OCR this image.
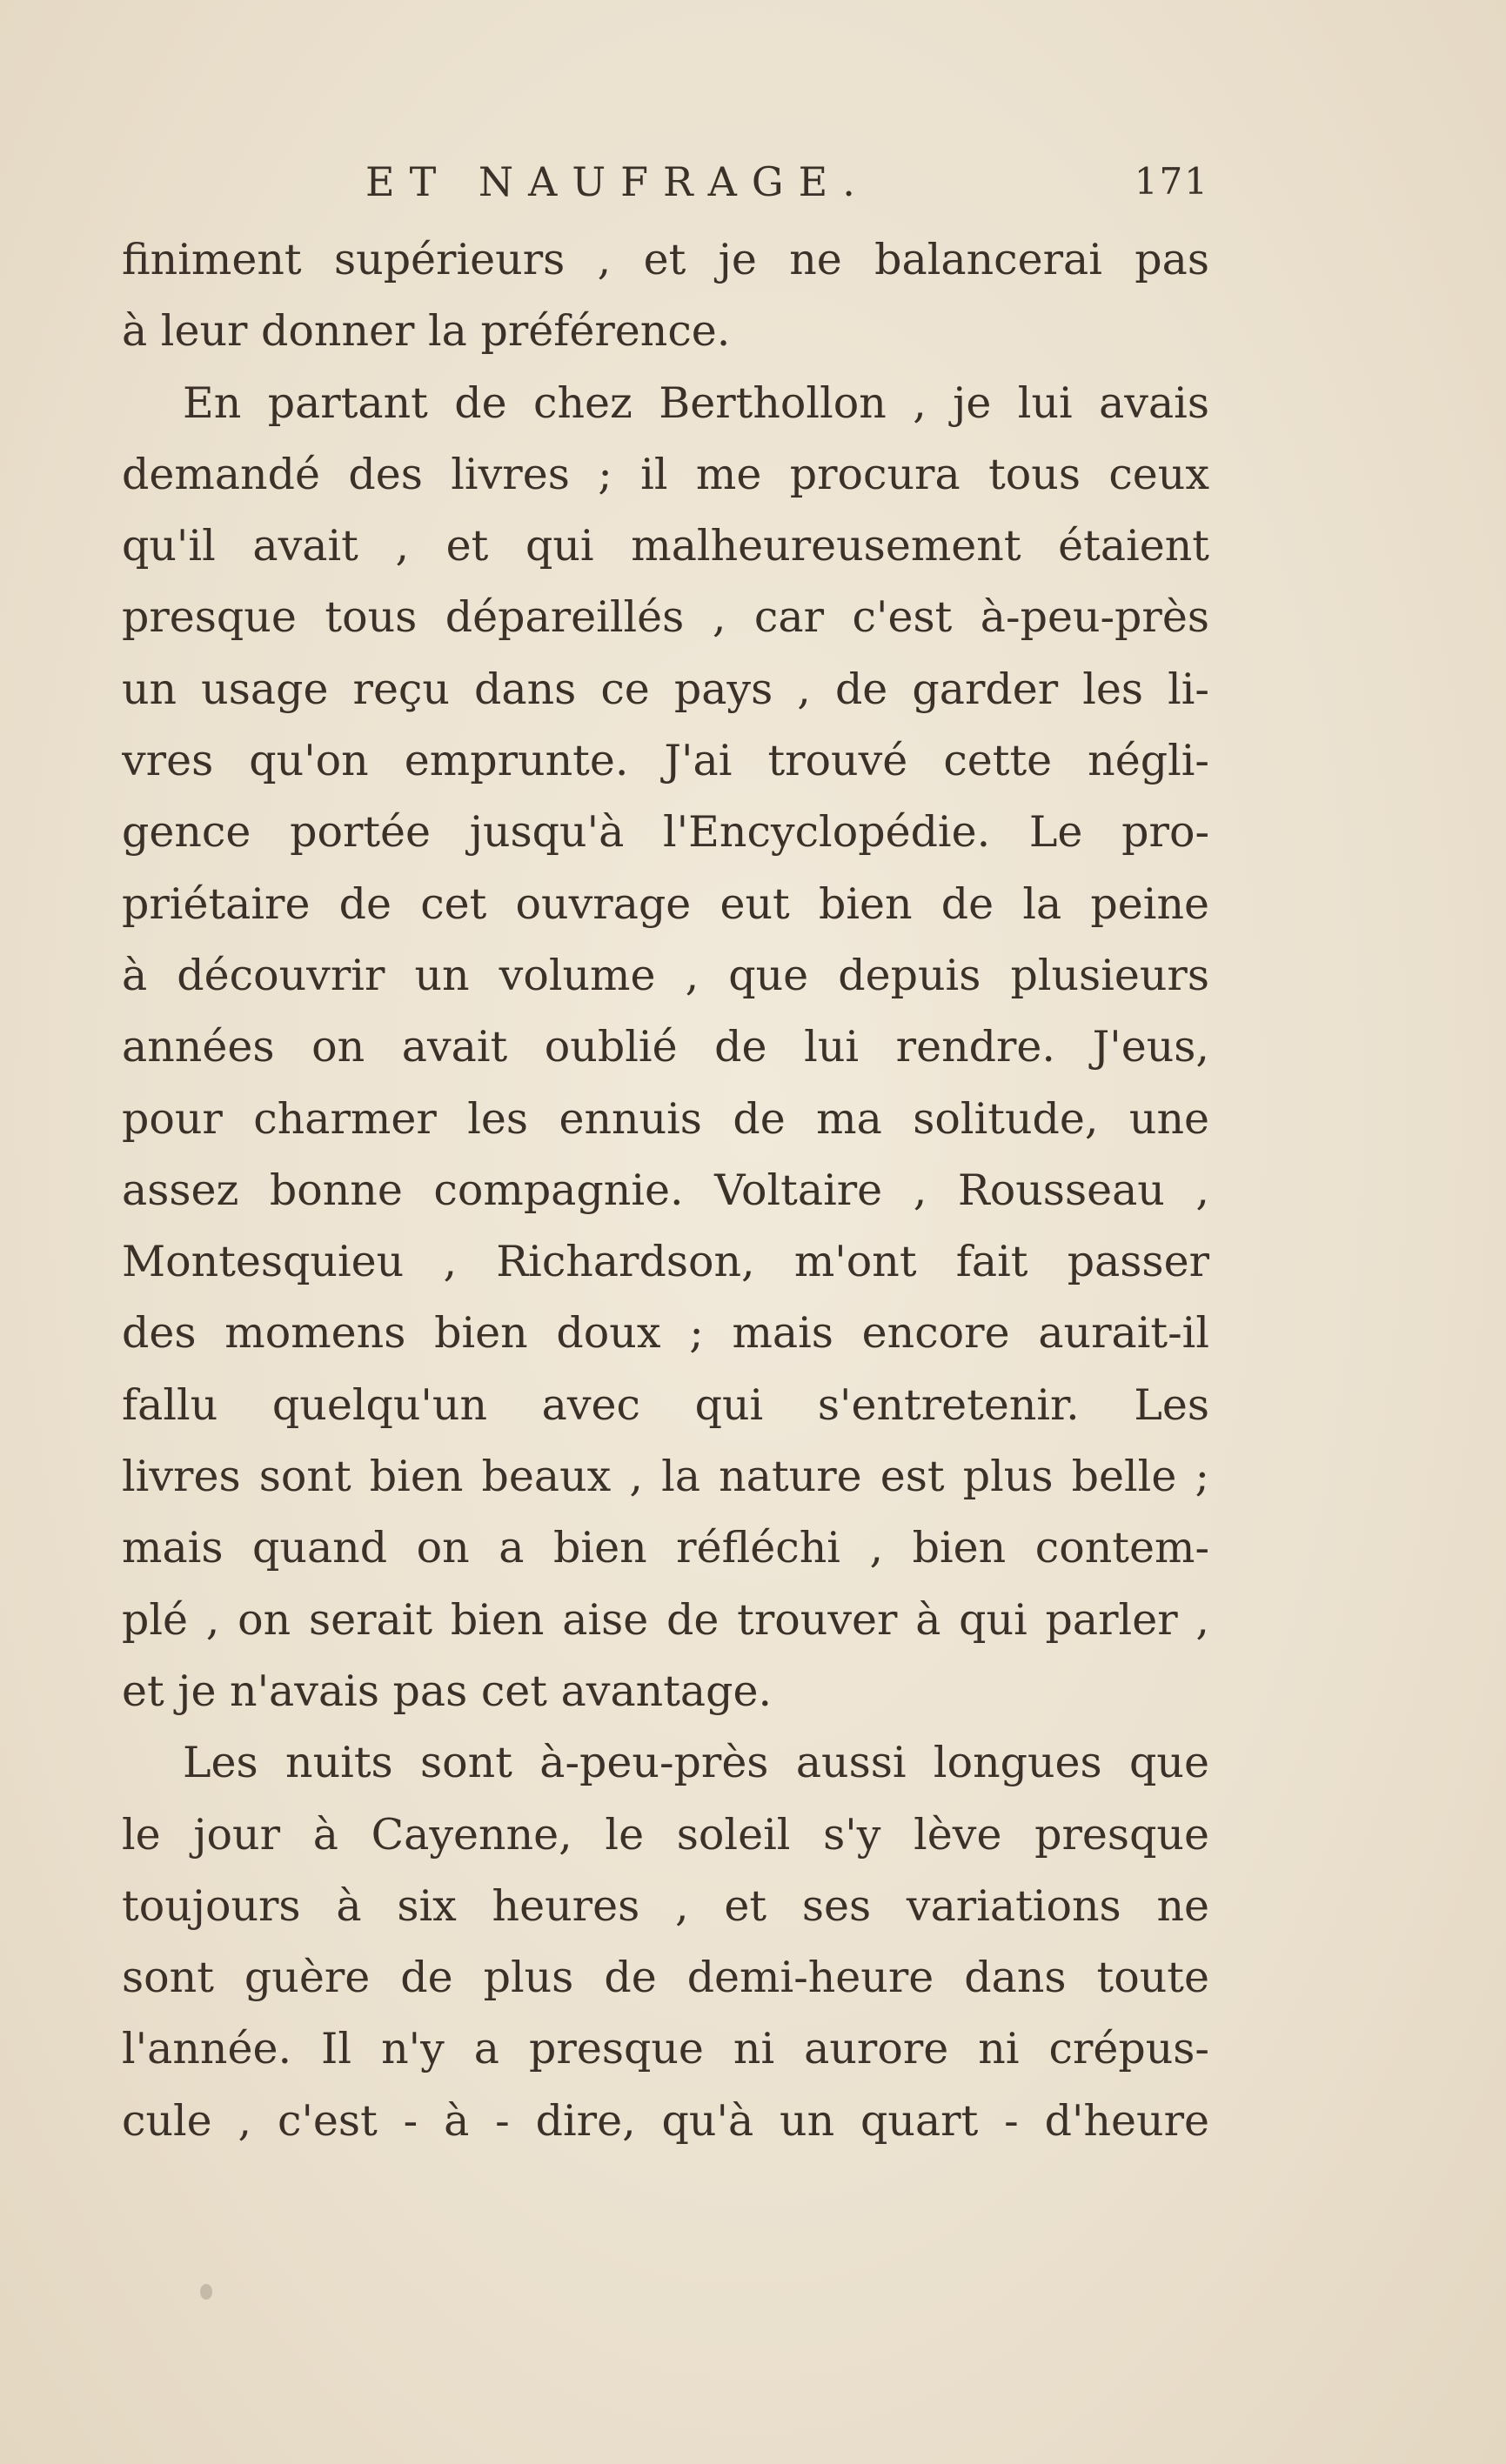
ET NAUFRAGE.	171
finiment supérieurs , et je ne balancerai pas
à leur donner la préférence.
En partant de chez Berthollon , je lui avais
demandé des livres ; il me procura tous ceux
qu'il avait , et qui malheureusement étaient
presque tous dépareillés , car c'est à-peu-près
un usage reçu dans ce pays , de garder les li-
vres qu'on emprunte. J'ai trouvé cette négli-
gence portée jusqu'à l'Encyclopédie. Le pro-
priétaire de cet ouvrage eut bien de la peine
à découvrir un volume , que depuis plusieurs
années on avait oublié de lui rendre. J'eus,
pour charmer les ennuis de ma solitude, une
assez bonne compagnie. Voltaire , Rousseau ,
Montesquieu , Richardson, m'ont fait passer
des momens bien doux ; mais encore aurait-il
fallu quelqu'un avec qui s'entretenir. Les
livres sont bien beaux , la nature est plus belle ;
mais quand on a bien réfléchi , bien contem-
plé , on serait bien aise de trouver à qui parler ,
et je n'avais pas cet avantage.
Les nuits sont à-peu-près aussi longues que
le jour à Cayenne, le soleil s'y lève presque
toujours à six heures , et ses variations ne
sont guère de plus de demi-heure dans toute
l'année. Il n'y a presque ni aurore ni crépus-
cule , c'est - à - dire, qu'à un quart - d'heure
